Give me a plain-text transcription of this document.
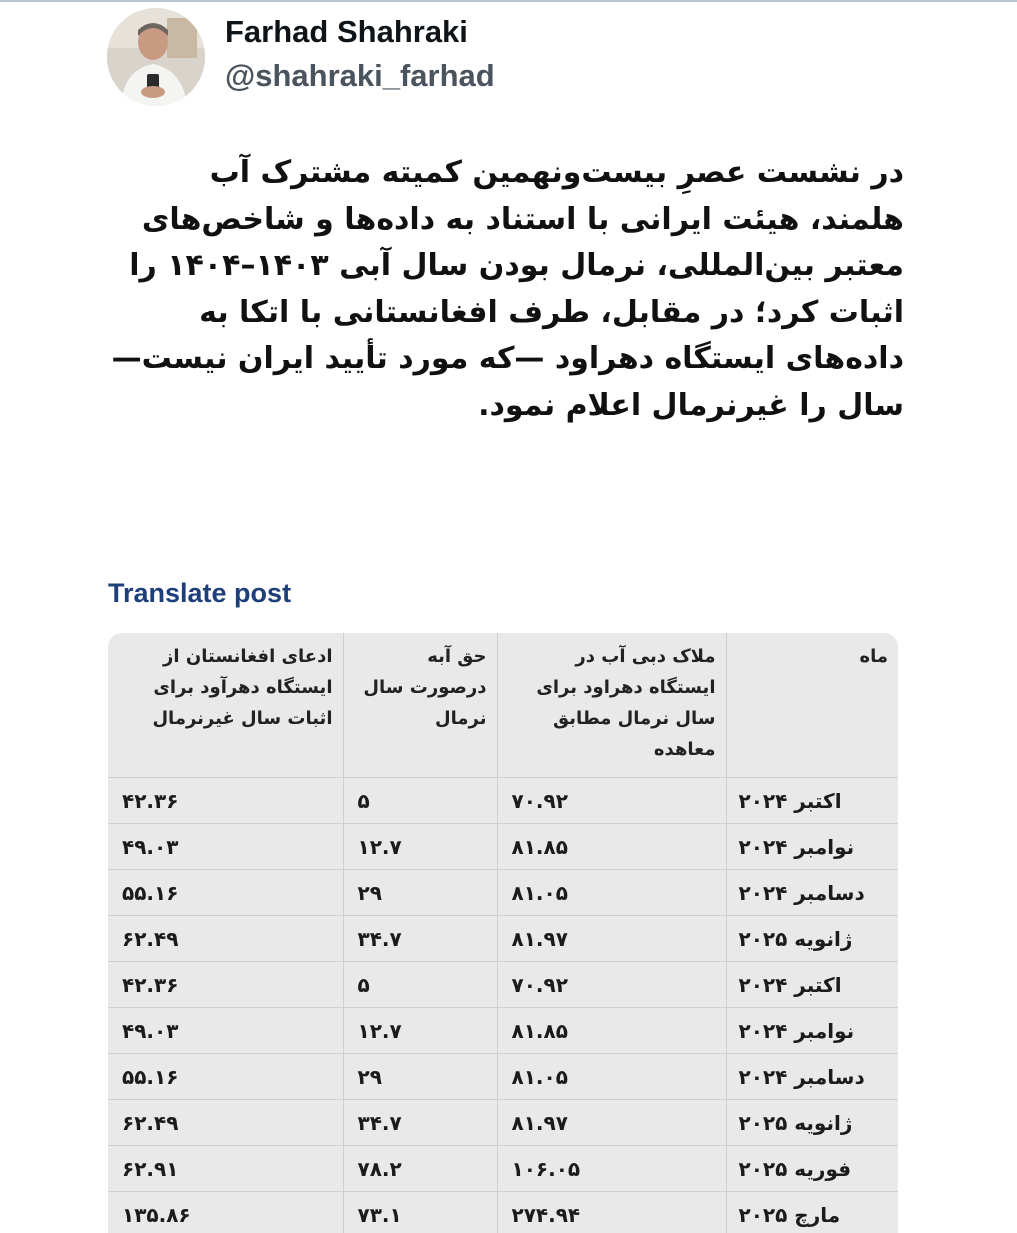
Farhad Shahraki
@shahraki_farhad
در نشست عصرِ بیست‌ونهمین کمیته مشترک آب هلمند، هیئت ایرانی با استناد به داده‌ها و شاخص‌های معتبر بین‌المللی، نرمال بودن سال آبی ۱۴۰۳–۱۴۰۴ را اثبات کرد؛ در مقابل، طرف افغانستانی با اتکا به داده‌های ایستگاه دهراود —که مورد تأیید ایران نیست—سال را غیرنرمال اعلام نمود.
Translate post
ماه	ملاک دبی آب در ایستگاه دهراود برای سال نرمال مطابق معاهده	حق آبه درصورت سال نرمال	ادعای افغانستان از ایستگاه دهرآود برای اثبات سال غیرنرمال
اکتبر ۲۰۲۴	۷۰.۹۲	۵	۴۲.۳۶
نوامبر ۲۰۲۴	۸۱.۸۵	۱۲.۷	۴۹.۰۳
دسامبر ۲۰۲۴	۸۱.۰۵	۲۹	۵۵.۱۶
ژانویه ۲۰۲۵	۸۱.۹۷	۳۴.۷	۶۲.۴۹
اکتبر ۲۰۲۴	۷۰.۹۲	۵	۴۲.۳۶
نوامبر ۲۰۲۴	۸۱.۸۵	۱۲.۷	۴۹.۰۳
دسامبر ۲۰۲۴	۸۱.۰۵	۲۹	۵۵.۱۶
ژانویه ۲۰۲۵	۸۱.۹۷	۳۴.۷	۶۲.۴۹
فوریه ۲۰۲۵	۱۰۶.۰۵	۷۸.۲	۶۲.۹۱
مارچ ۲۰۲۵	۲۷۴.۹۴	۷۳.۱	۱۳۵.۸۶
